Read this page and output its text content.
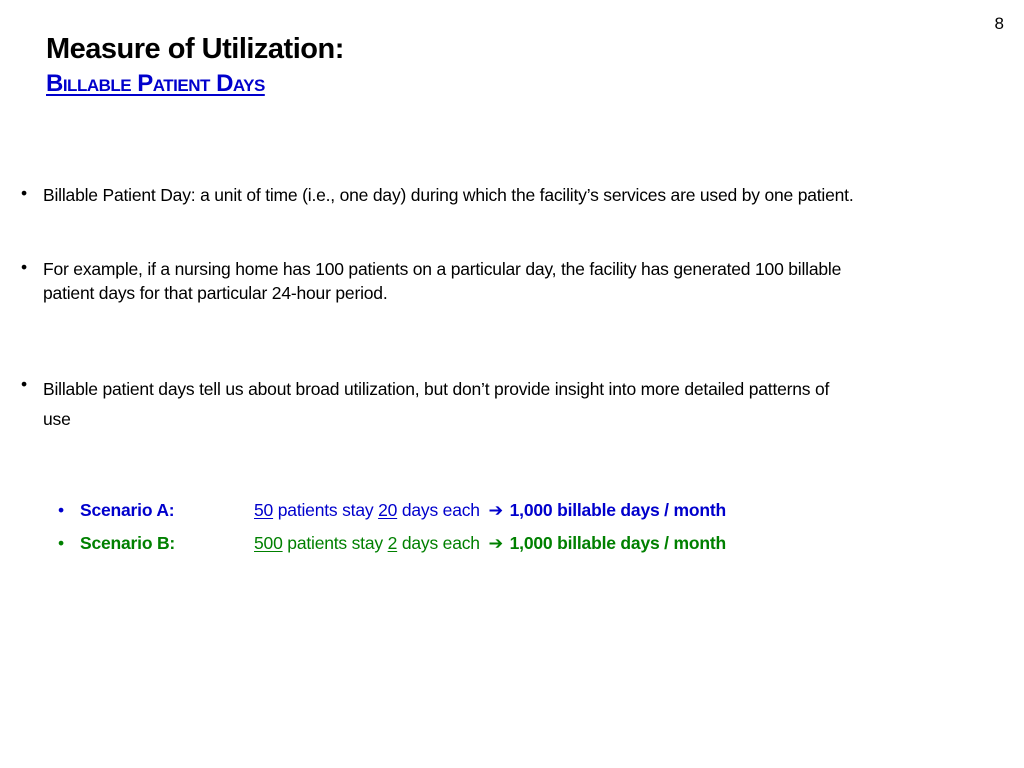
8
Measure of Utilization:
Billable Patient Days
• Billable Patient Day: a unit of time (i.e., one day) during which the facility’s services are used by one patient.
• For example, if a nursing home has 100 patients on a particular day, the facility has generated 100 billable patient days for that particular 24-hour period.
• Billable patient days tell us about broad utilization, but don’t provide insight into more detailed patterns of use
• Scenario A:	50 patients stay 20 days each ➔ 1,000 billable days / month
• Scenario B:	500 patients stay 2 days each ➔ 1,000 billable days / month
